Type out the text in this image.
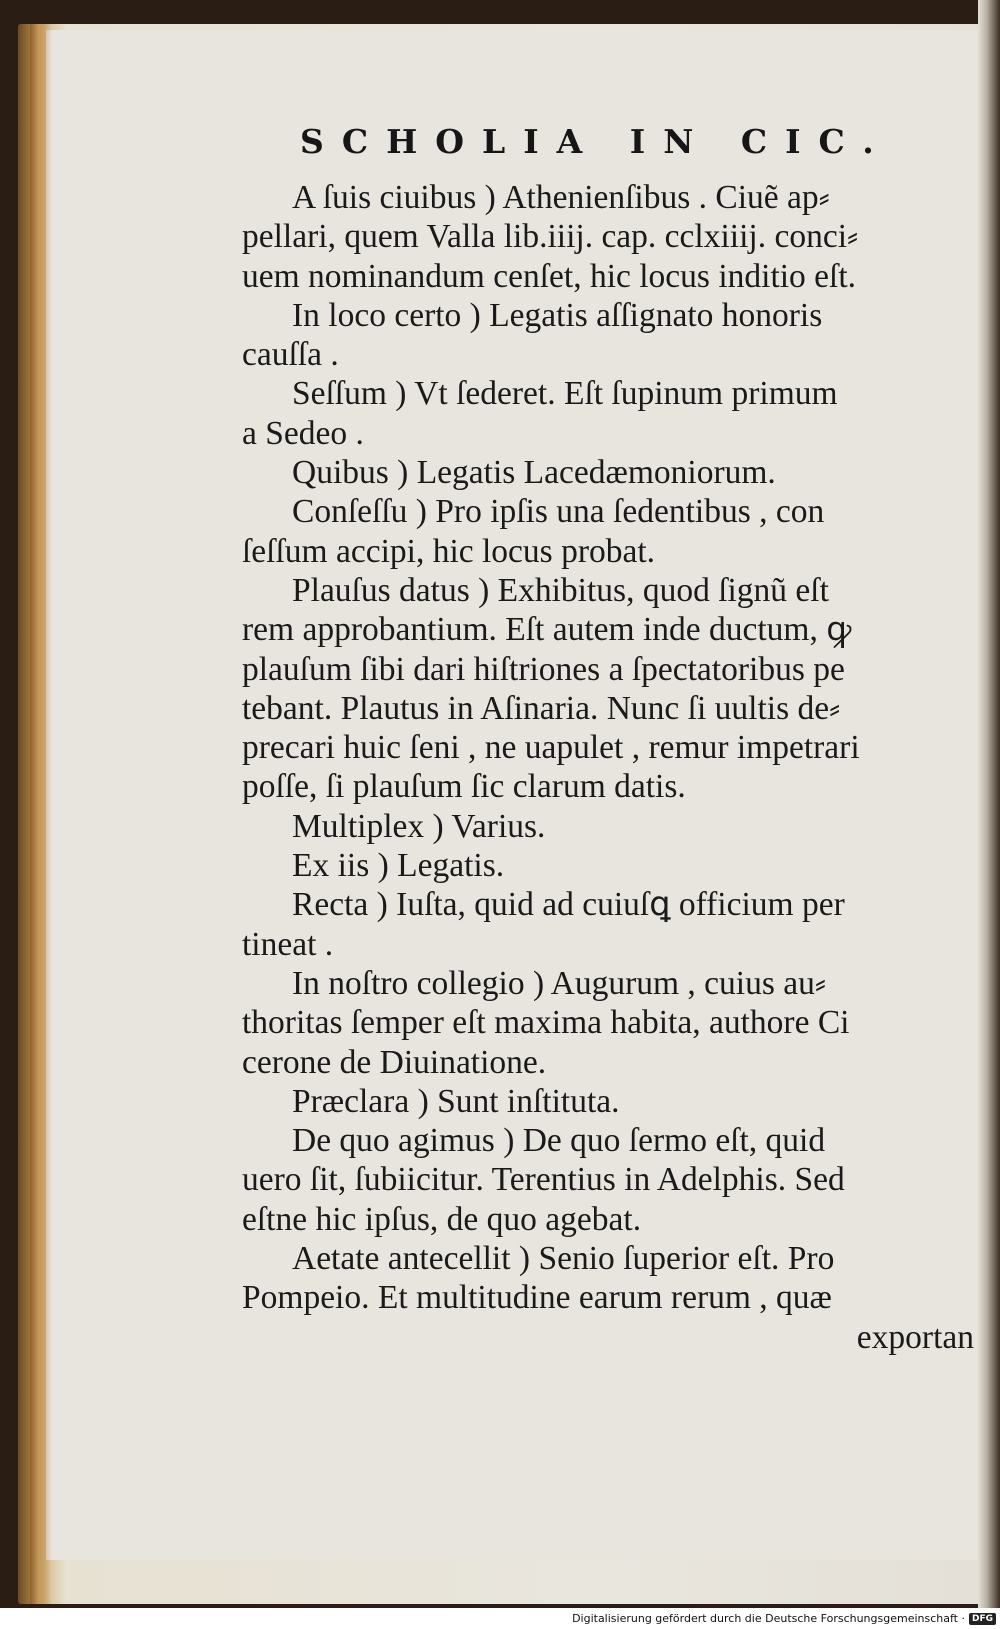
SCHOLIA IN CIC.
A ſuis ciuibus ) Athenienſibus . Ciuẽ ap⸗
pellari, quem Valla lib.iiij. cap. cclxiiij. conci⸗
uem nominandum cenſet, hic locus inditio eſt.
In loco certo ) Legatis aſſignato honoris
cauſſa .
Seſſum ) Vt ſederet. Eſt ſupinum primum
a Sedeo .
Quibus ) Legatis Lacedæmoniorum.
Conſeſſu ) Pro ipſis una ſedentibus , con
ſeſſum accipi, hic locus probat.
Plauſus datus ) Exhibitus, quod ſignũ eſt
rem approbantium. Eſt autem inde ductum, ꝙ
plauſum ſibi dari hiſtriones a ſpectatoribus pe
tebant. Plautus in Aſinaria. Nunc ſi uultis de⸗
precari huic ſeni , ne uapulet , remur impetrari
poſſe, ſi plauſum ſic clarum datis.
Multiplex ) Varius.
Ex iis ) Legatis.
Recta ) Iuſta, quid ad cuiuſꝗ officium per
tineat .
In noſtro collegio ) Augurum , cuius au⸗
thoritas ſemper eſt maxima habita, authore Ci
cerone de Diuinatione.
Præclara ) Sunt inſtituta.
De quo agimus ) De quo ſermo eſt, quid
uero ſit, ſubiicitur. Terentius in Adelphis. Sed
eſtne hic ipſus, de quo agebat.
Aetate antecellit ) Senio ſuperior eſt. Pro
Pompeio. Et multitudine earum rerum , quæ
exportan
Digitalisierung gefördert durch die Deutsche Forschungsgemeinschaft · DFG
